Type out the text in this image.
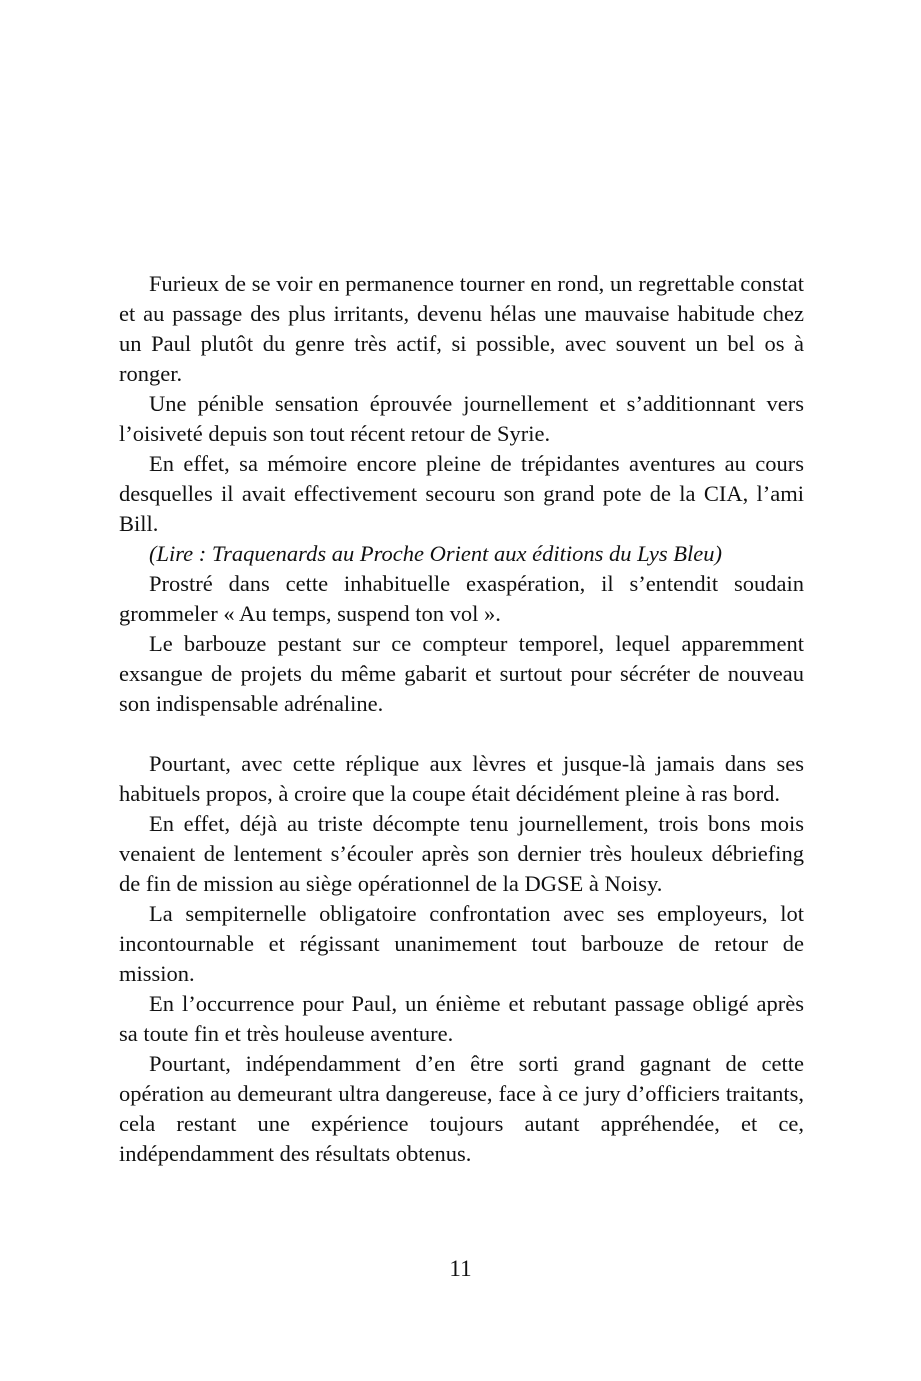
Furieux de se voir en permanence tourner en rond, un regrettable constat et au passage des plus irritants, devenu hélas une mauvaise habitude chez un Paul plutôt du genre très actif, si possible, avec souvent un bel os à ronger.

Une pénible sensation éprouvée journellement et s’additionnant vers l’oisiveté depuis son tout récent retour de Syrie.

En effet, sa mémoire encore pleine de trépidantes aventures au cours desquelles il avait effectivement secouru son grand pote de la CIA, l’ami Bill.

(Lire : Traquenards au Proche Orient aux éditions du Lys Bleu)

Prostré dans cette inhabituelle exaspération, il s’entendit soudain grommeler « Au temps, suspend ton vol ».

Le barbouze pestant sur ce compteur temporel, lequel apparemment exsangue de projets du même gabarit et surtout pour sécréter de nouveau son indispensable adrénaline.

Pourtant, avec cette réplique aux lèvres et jusque-là jamais dans ses habituels propos, à croire que la coupe était décidément pleine à ras bord.

En effet, déjà au triste décompte tenu journellement, trois bons mois venaient de lentement s’écouler après son dernier très houleux débriefing de fin de mission au siège opérationnel de la DGSE à Noisy.

La sempiternelle obligatoire confrontation avec ses employeurs, lot incontournable et régissant unanimement tout barbouze de retour de mission.

En l’occurrence pour Paul, un énième et rebutant passage obligé après sa toute fin et très houleuse aventure.

Pourtant, indépendamment d’en être sorti grand gagnant de cette opération au demeurant ultra dangereuse, face à ce jury d’officiers traitants, cela restant une expérience toujours autant appréhendée, et ce, indépendamment des résultats obtenus.

11
